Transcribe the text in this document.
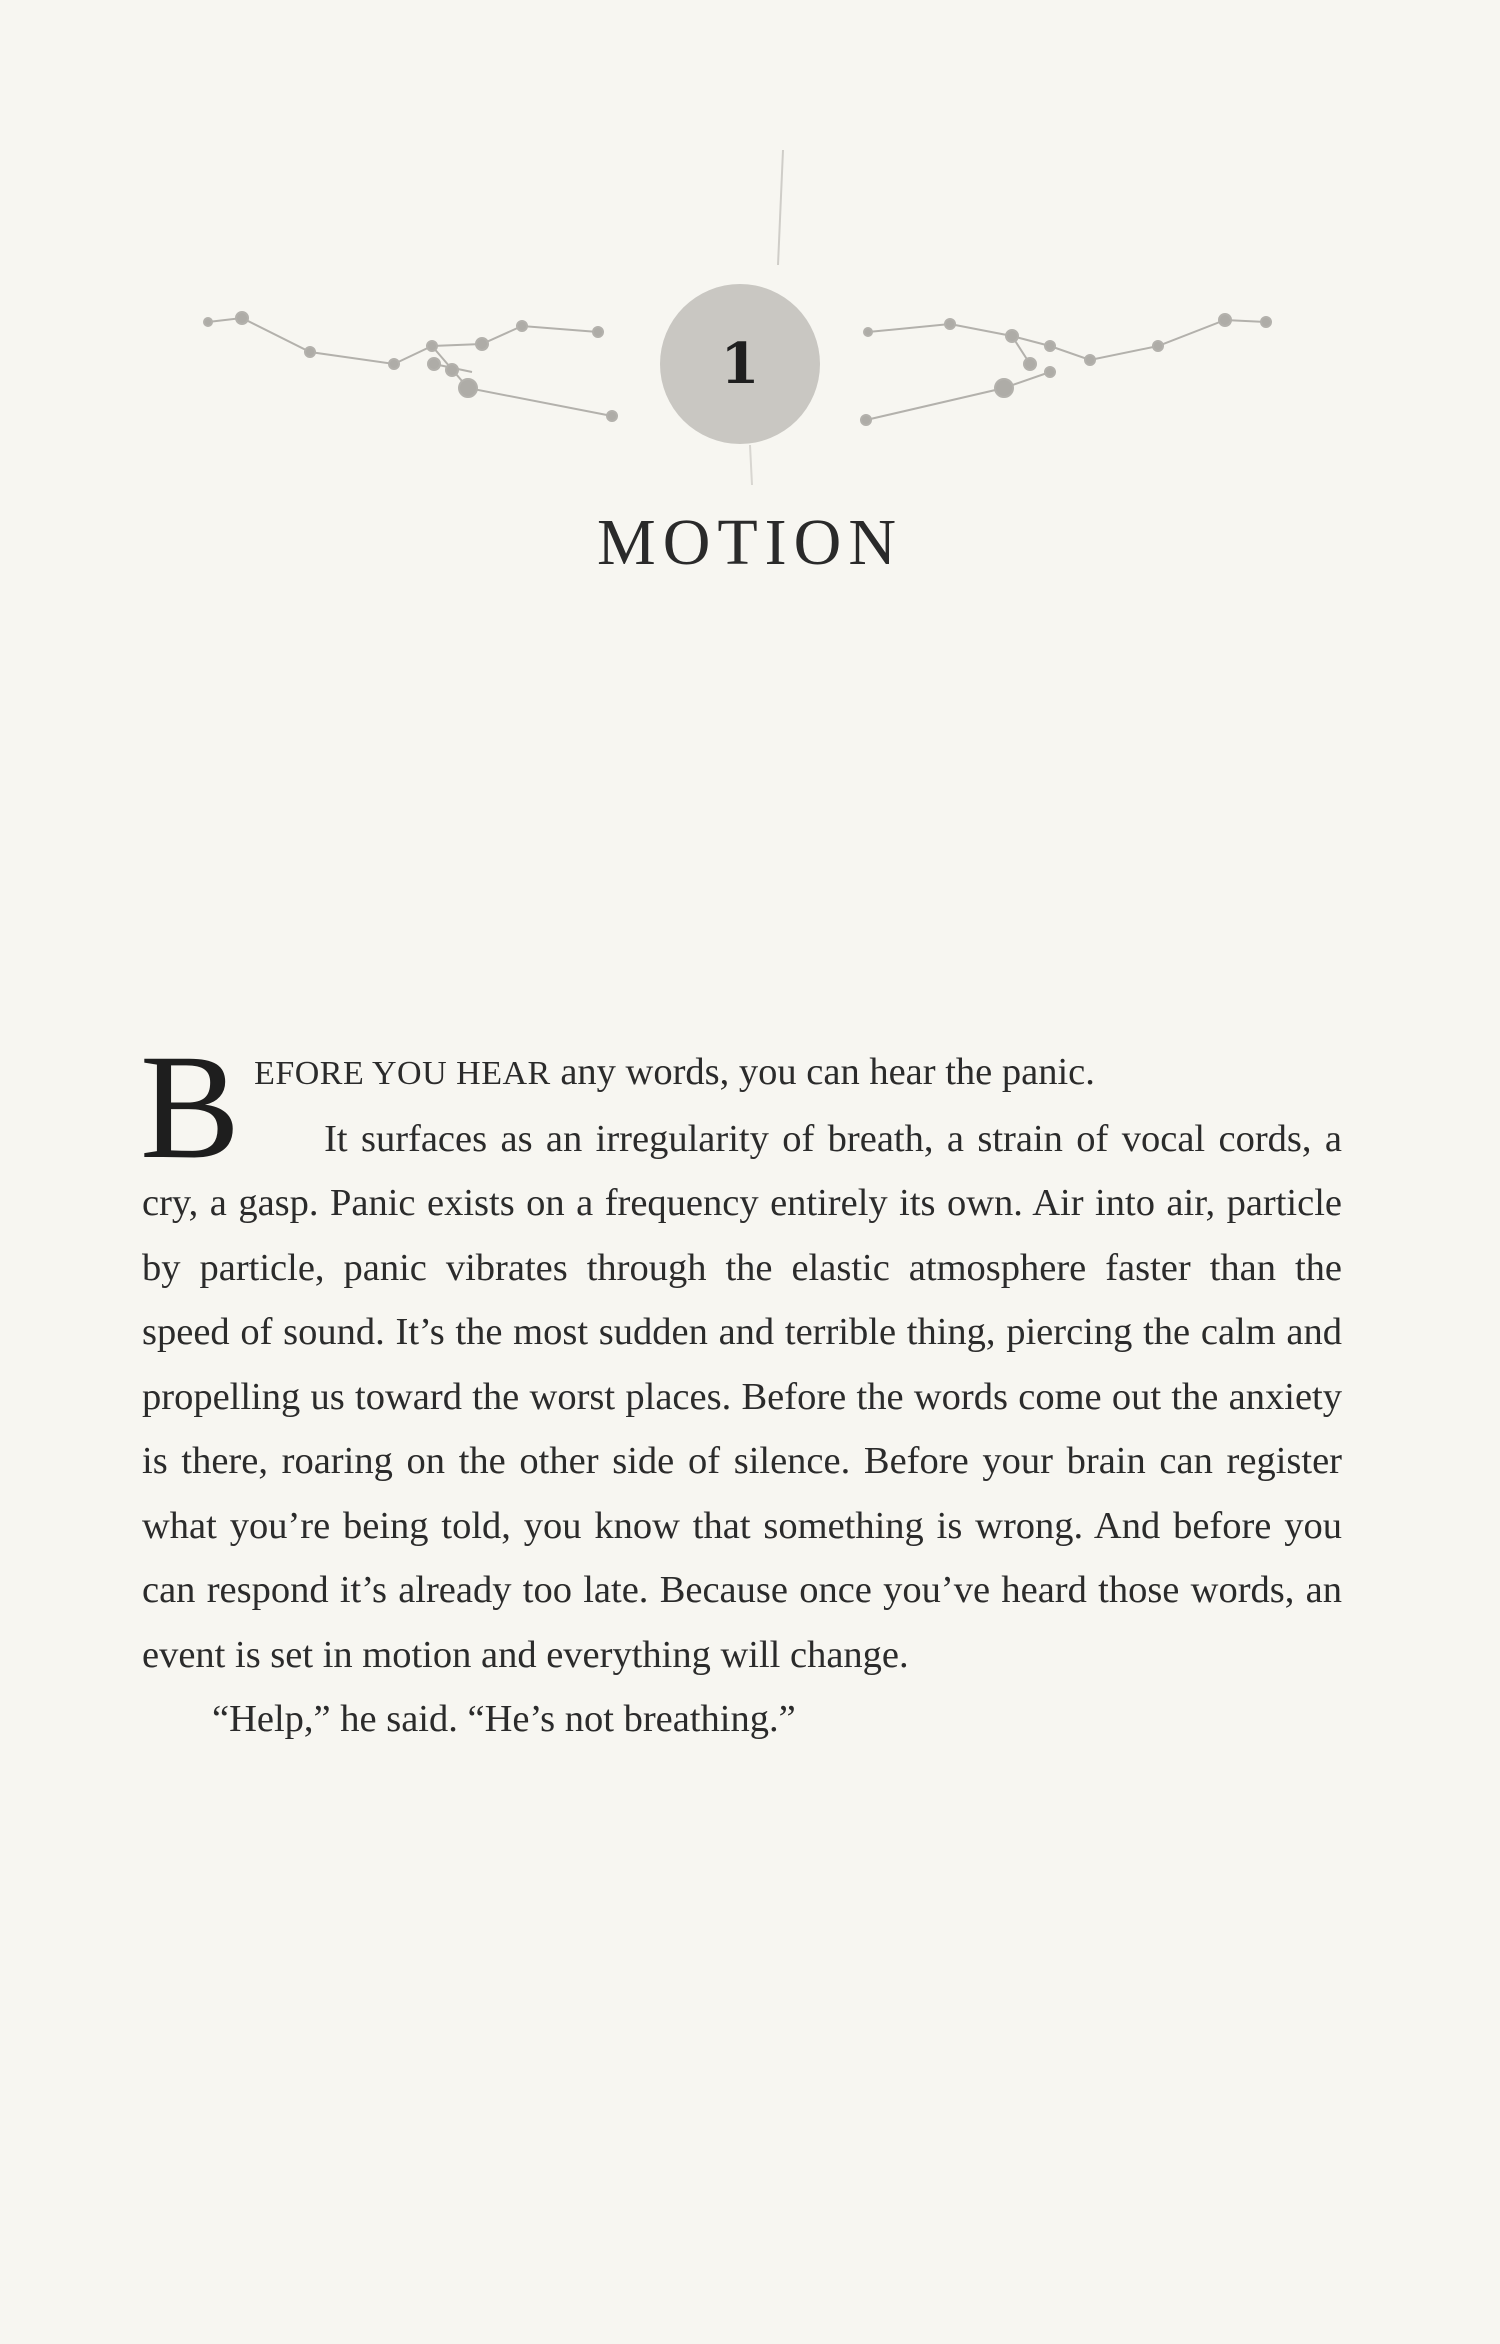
1
MOTION
B EFORE YOU HEAR any words, you can hear the panic.
It surfaces as an irregularity of breath, a strain of vocal cords, a cry, a gasp. Panic exists on a frequency entirely its own. Air into air, particle by particle, panic vibrates through the elastic atmosphere faster than the speed of sound. It’s the most sudden and terrible thing, piercing the calm and propelling us toward the worst places. Before the words come out the anxiety is there, roaring on the other side of silence. Before your brain can register what you’re being told, you know that something is wrong. And before you can respond it’s already too late. Because once you’ve heard those words, an event is set in motion and everything will change.

“Help,” he said. “He’s not breathing.”
